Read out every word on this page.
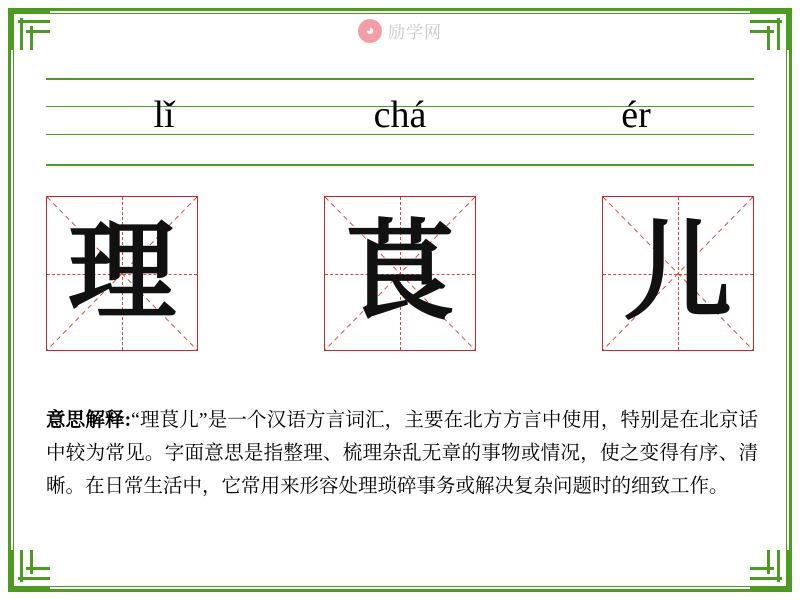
◕ 励学网
lǐ	chá	ér
理 茛 儿
意思解释:“理茛儿”是一个汉语方言词汇，主要在北方方言中使用，特别是在北京话中较为常见。字面意思是指整理、梳理杂乱无章的事物或情况，使之变得有序、清晰。在日常生活中，它常用来形容处理琐碎事务或解决复杂问题时的细致工作。
